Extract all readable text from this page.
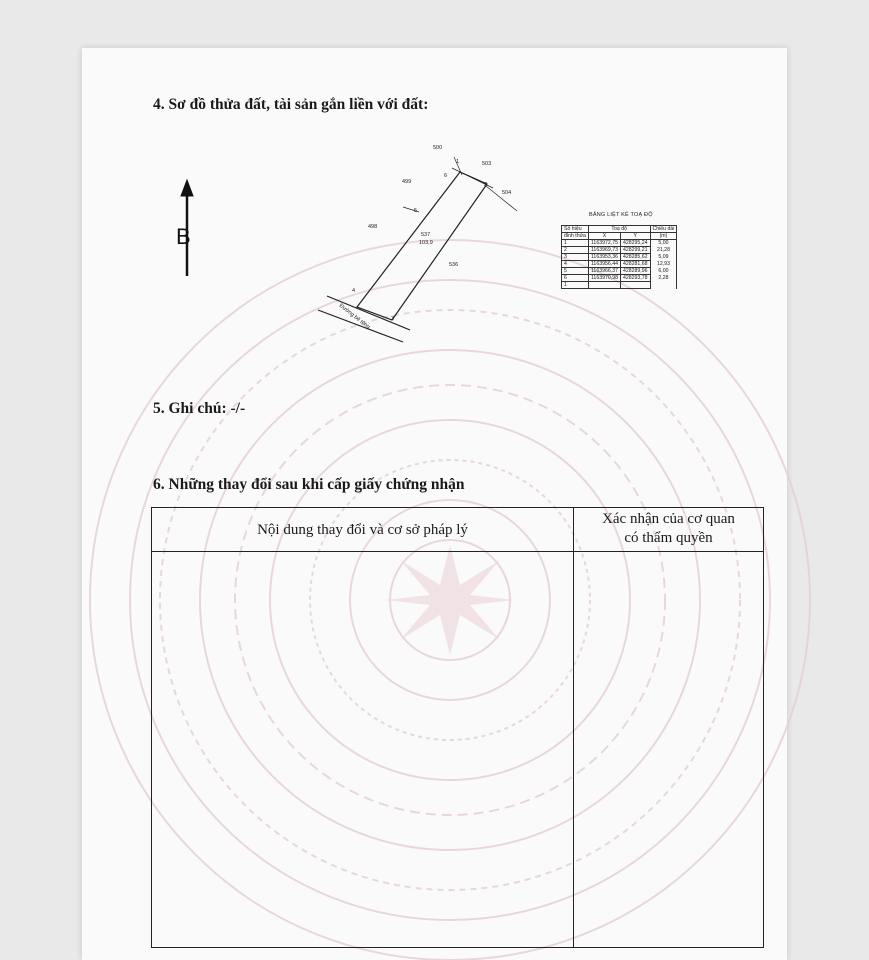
4. Sơ đồ thửa đất, tài sản gắn liền với đất:
B
500
503
504
499
498
536
537
103,9
1
2
3
4
5
6
Đường bê tông
BẢNG LIỆT KÊ TOẠ ĐỘ
Số hiệu	Toạ độ		Chiều dài
đỉnh thửa	X	Y	(m)
1	1163972,75	428295,24	5,00
2	1163969,73	428299,21	21,28
3	1163953,36	428285,62	5,09
4	1163956,44	428281,68	12,93
5	1163966,37	428289,96	6,00
6	1163970,98	428293,78	2,28
1			
5. Ghi chú: -/-
6. Những thay đổi sau khi cấp giấy chứng nhận
Nội dung thay đổi và cơ sở pháp lý
Xác nhận của cơ quan
có thẩm quyền
